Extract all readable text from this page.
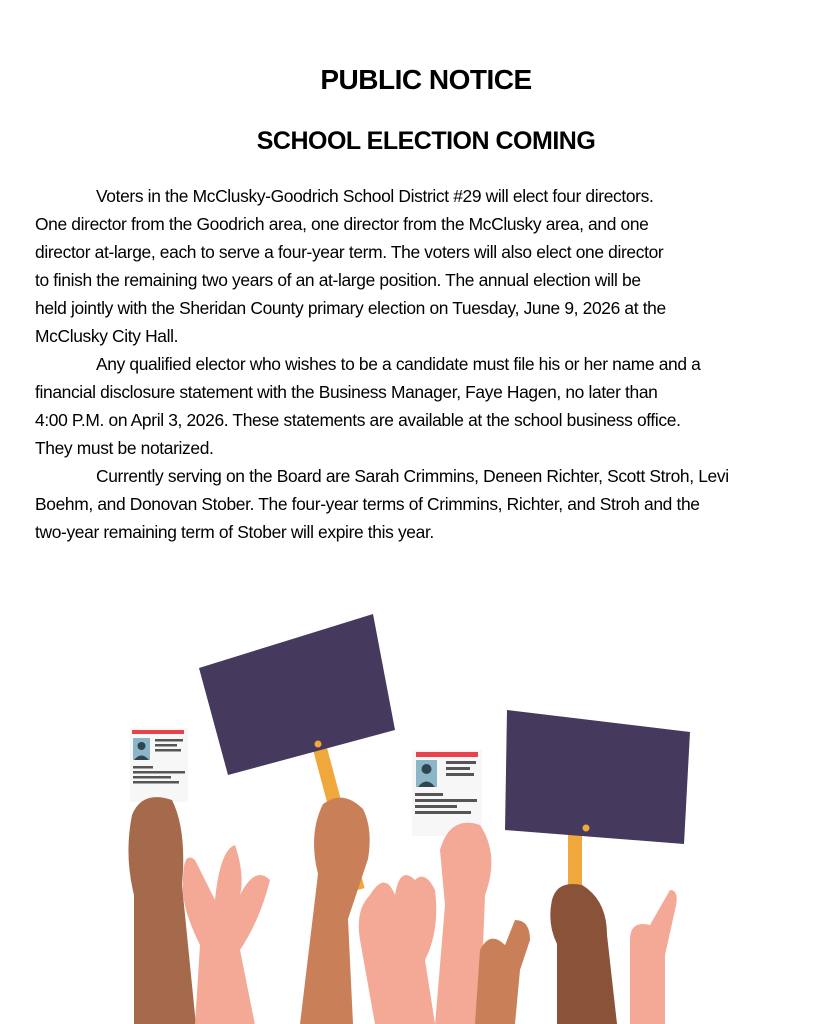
PUBLIC NOTICE
SCHOOL ELECTION COMING
Voters in the McClusky-Goodrich School District #29 will elect four directors.
One director from the Goodrich area, one director from the McClusky area, and one
director at-large, each to serve a four-year term. The voters will also elect one director
to finish the remaining two years of an at-large position. The annual election will be
held jointly with the Sheridan County primary election on Tuesday, June 9, 2026 at the
McClusky City Hall.
Any qualified elector who wishes to be a candidate must file his or her name and a
financial disclosure statement with the Business Manager, Faye Hagen, no later than
4:00 P.M. on April 3, 2026. These statements are available at the school business office.
They must be notarized.
Currently serving on the Board are Sarah Crimmins, Deneen Richter, Scott Stroh, Levi
Boehm, and Donovan Stober. The four-year terms of Crimmins, Richter, and Stroh and the
two-year remaining term of Stober will expire this year.
